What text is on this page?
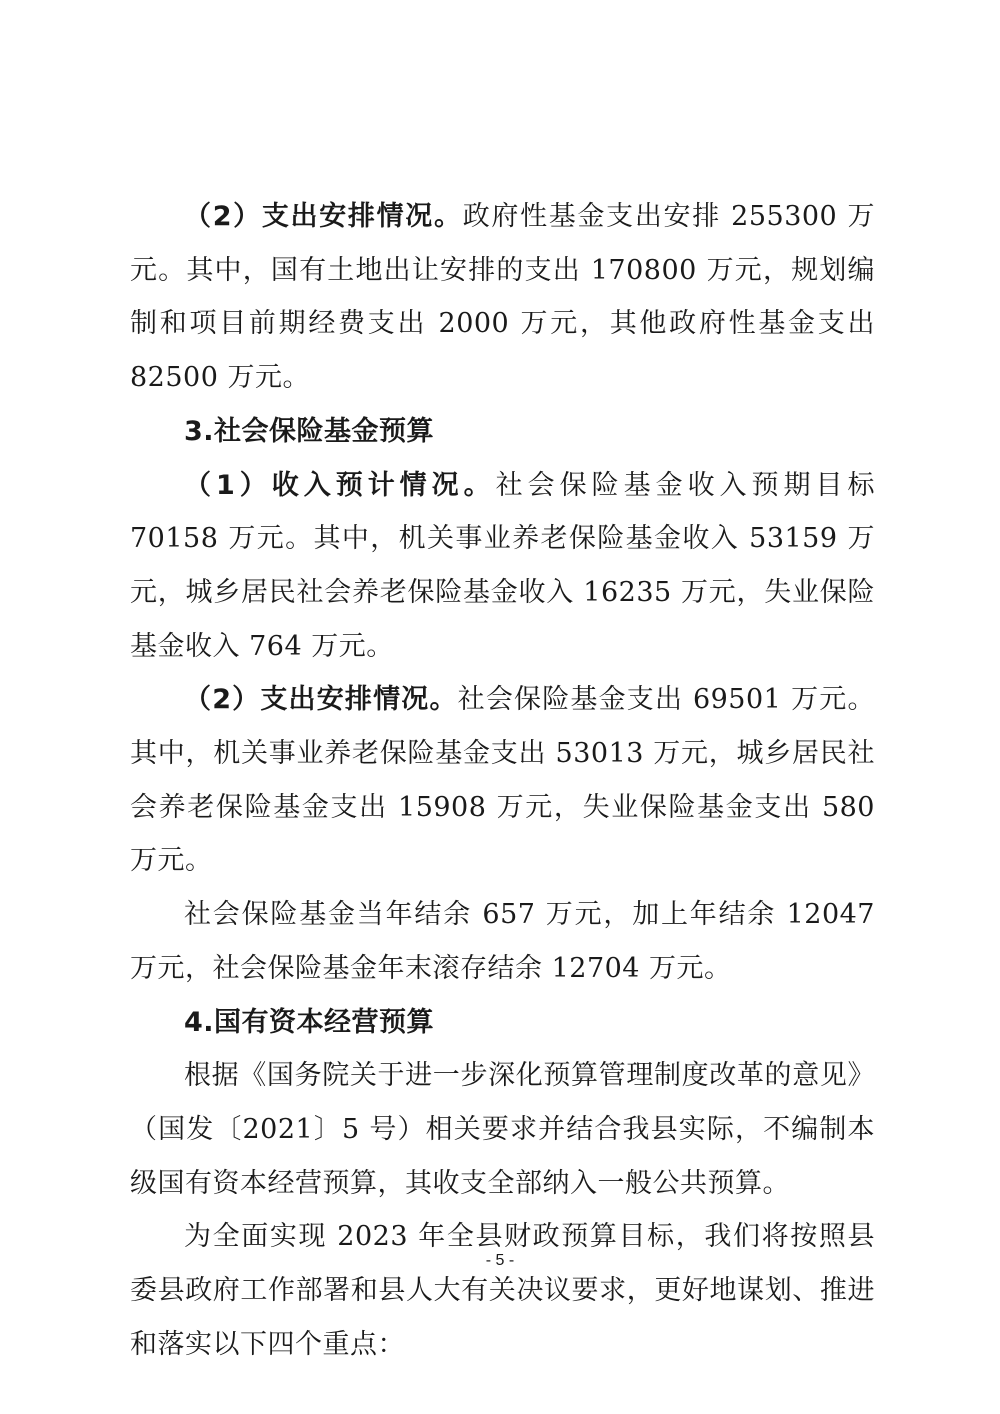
（2）支出安排情况。政府性基金支出安排 255300 万元。其中，国有土地出让安排的支出 170800 万元，规划编制和项目前期经费支出 2000 万元，其他政府性基金支出 82500 万元。

3.社会保险基金预算

（1）收入预计情况。社会保险基金收入预期目标 70158 万元。其中，机关事业养老保险基金收入 53159 万元，城乡居民社会养老保险基金收入 16235 万元，失业保险基金收入 764 万元。

（2）支出安排情况。社会保险基金支出 69501 万元。其中，机关事业养老保险基金支出 53013 万元，城乡居民社会养老保险基金支出 15908 万元，失业保险基金支出 580 万元。

社会保险基金当年结余 657 万元，加上年结余 12047 万元，社会保险基金年末滚存结余 12704 万元。

4.国有资本经营预算

根据《国务院关于进一步深化预算管理制度改革的意见》（国发〔2021〕5 号）相关要求并结合我县实际，不编制本级国有资本经营预算，其收支全部纳入一般公共预算。

为全面实现 2023 年全县财政预算目标，我们将按照县委县政府工作部署和县人大有关决议要求，更好地谋划、推进和落实以下四个重点：

- 5 -
